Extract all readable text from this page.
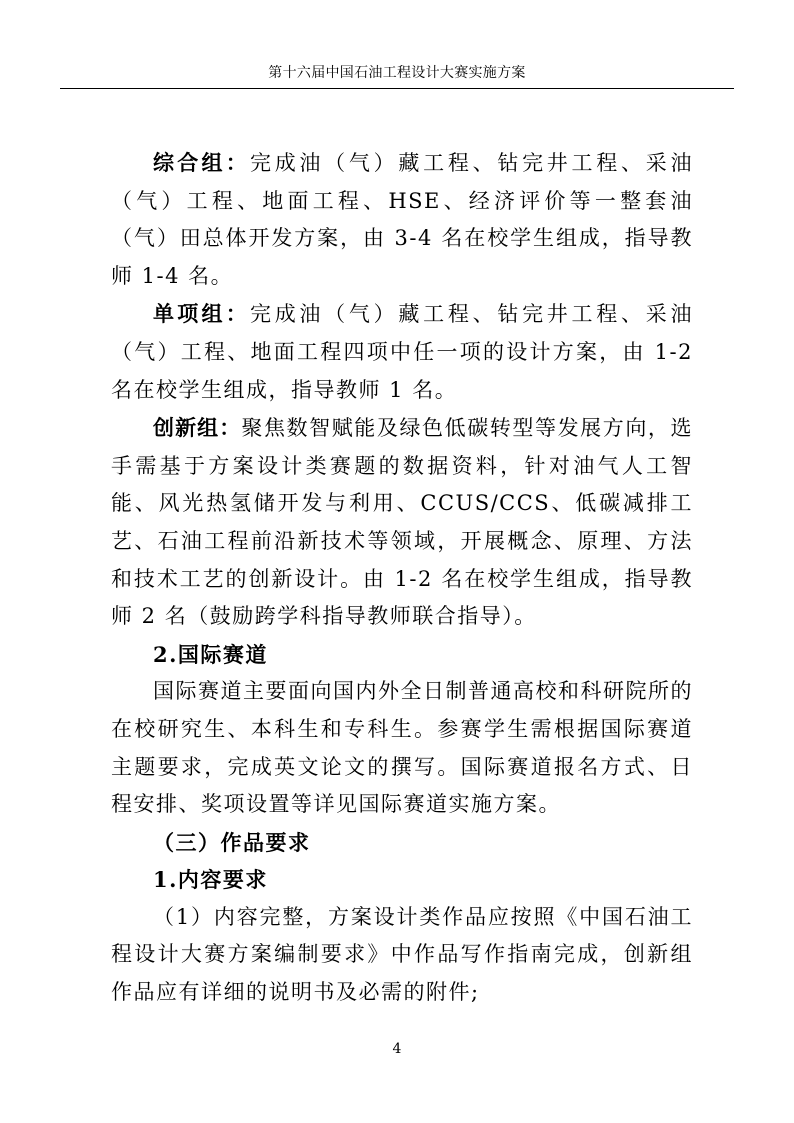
第十六届中国石油工程设计大赛实施方案

综合组：完成油（气）藏工程、钻完井工程、采油（气）工程、地面工程、HSE、经济评价等一整套油（气）田总体开发方案，由 3-4 名在校学生组成，指导教师 1-4 名。

单项组：完成油（气）藏工程、钻完井工程、采油（气）工程、地面工程四项中任一项的设计方案，由 1-2 名在校学生组成，指导教师 1 名。

创新组：聚焦数智赋能及绿色低碳转型等发展方向，选手需基于方案设计类赛题的数据资料，针对油气人工智能、风光热氢储开发与利用、CCUS/CCS、低碳减排工艺、石油工程前沿新技术等领域，开展概念、原理、方法和技术工艺的创新设计。由 1-2 名在校学生组成，指导教师 2 名（鼓励跨学科指导教师联合指导）。

2.国际赛道

国际赛道主要面向国内外全日制普通高校和科研院所的在校研究生、本科生和专科生。参赛学生需根据国际赛道主题要求，完成英文论文的撰写。国际赛道报名方式、日程安排、奖项设置等详见国际赛道实施方案。

（三）作品要求

1.内容要求

（1）内容完整，方案设计类作品应按照《中国石油工程设计大赛方案编制要求》中作品写作指南完成，创新组作品应有详细的说明书及必需的附件;

4
